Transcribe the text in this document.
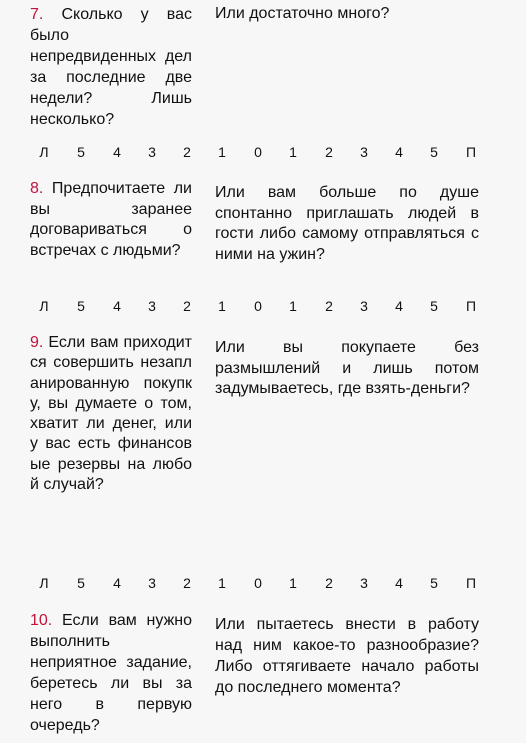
7. Сколько у вас было непредвиденных дел за последние две недели? Лишь несколько?
Или достаточно много?
Л 5 4 3 2 1 0 1 2 3 4 5 П
8. Предпочитаете ли вы заранее договариваться о встречах с людьми?
Или вам больше по душе спонтанно приглашать людей в гости либо самому отправляться с ними на ужин?
Л 5 4 3 2 1 0 1 2 3 4 5 П
9. Если вам приходится совершить незапланированную покупку, вы думаете о том, хватит ли денег, или у вас есть финансовые резервы на любой случай?
Или вы покупаете без размышлений и лишь потом задумываетесь, где взять-деньги?
Л 5 4 3 2 1 0 1 2 3 4 5 П
10. Если вам нужно выполнить неприятное задание, беретесь ли вы за него в первую очередь?
Или пытаетесь внести в работу над ним какое-то разнообразие? Либо оттягиваете начало работы до последнего момента?
